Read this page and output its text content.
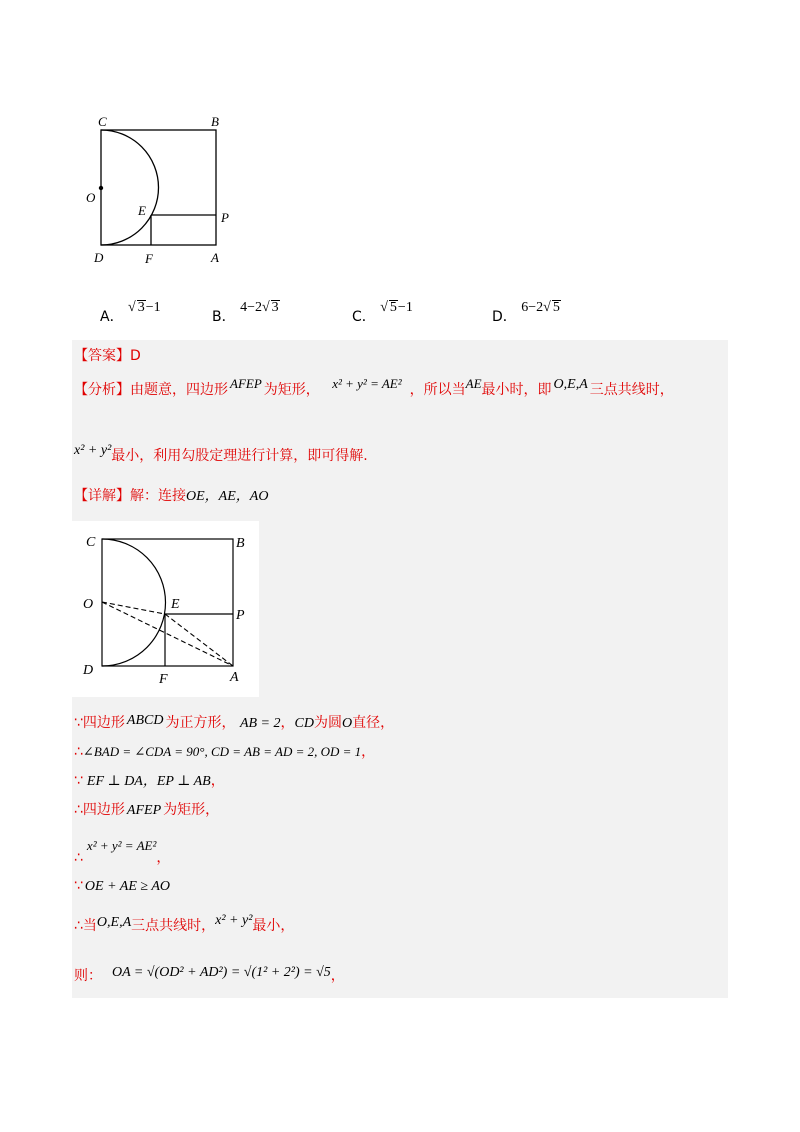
C	B
O
E	P
D	F	A
A． √ 3−1
B． 4−2√ 3
C． √ 5−1
D． 6−2√ 5
【答案】D
【分析】由题意，四边形 AFEP 为矩形， x² + y² = AE² ，所以当AE最小时，即 O,E,A 三点共线时，
x² + y²最小，利用勾股定理进行计算，即可得解.
【详解】解：连接OE，AE，AO
C	B
O	E
P
D
F	A
∵四边形 ABCD 为正方形， AB = 2，CD为圆O直径，
∴∠BAD = ∠CDA = 90°, CD = AB = AD = 2, OD = 1，
∵ EF ⊥ DA，EP ⊥ AB，
∴四边形 AFEP 为矩形，
∴x² + y² = AE²，
∵ OE + AE ≥ AO
∴当O,E,A三点共线时，x² + y²最小，
则： OA = √(OD² + AD²) = √(1² + 2²) = √5，
